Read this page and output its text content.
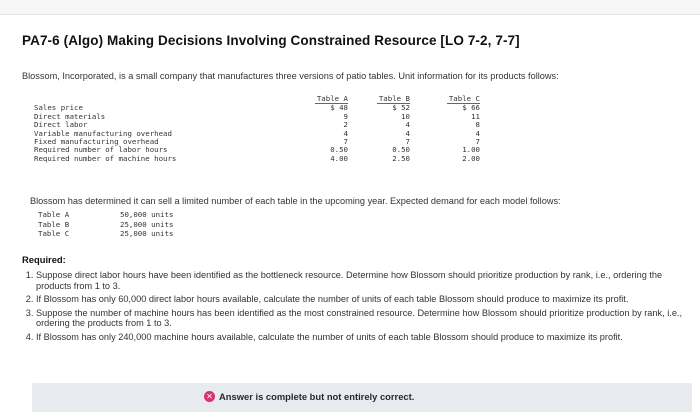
PA7-6 (Algo) Making Decisions Involving Constrained Resource [LO 7-2, 7-7]
Blossom, Incorporated, is a small company that manufactures three versions of patio tables. Unit information for its products follows:
	Table A	Table B	Table C
Sales price	$ 48	$ 52	$ 66
Direct materials	9	10	11
Direct labor	2	4	8
Variable manufacturing overhead	4	4	4
Fixed manufacturing overhead	7	7	7
Required number of labor hours	0.50	0.50	1.00
Required number of machine hours	4.00	2.50	2.00
Blossom has determined it can sell a limited number of each table in the upcoming year. Expected demand for each model follows:
Table A	50,000 units
Table B	25,000 units
Table C	25,000 units
Required:
1. Suppose direct labor hours have been identified as the bottleneck resource. Determine how Blossom should prioritize production by rank, i.e., ordering the products from 1 to 3.
2. If Blossom has only 60,000 direct labor hours available, calculate the number of units of each table Blossom should produce to maximize its profit.
3. Suppose the number of machine hours has been identified as the most constrained resource. Determine how Blossom should prioritize production by rank, i.e., ordering the products from 1 to 3.
4. If Blossom has only 240,000 machine hours available, calculate the number of units of each table Blossom should produce to maximize its profit.
✕ Answer is complete but not entirely correct.
